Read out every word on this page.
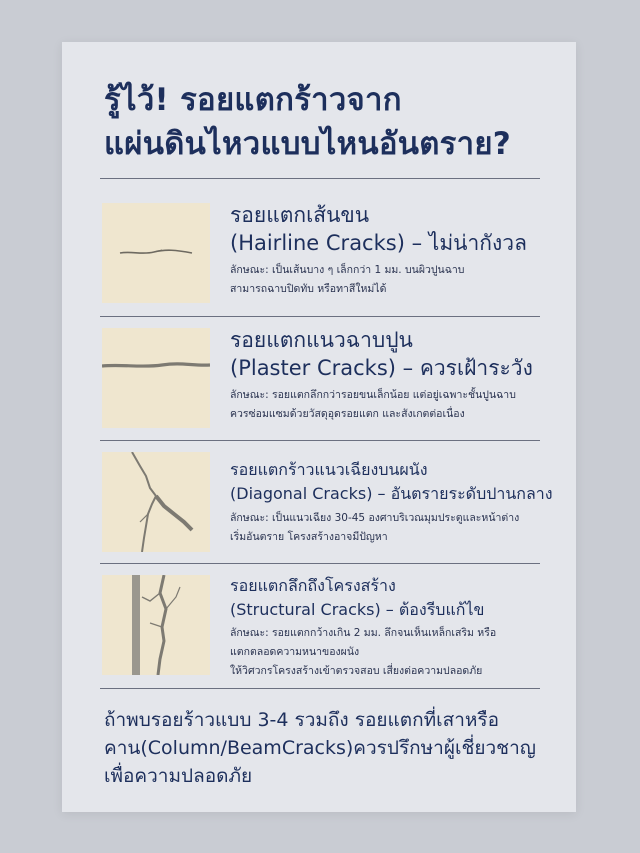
รู้ไว้! รอยแตกร้าวจาก
แผ่นดินไหวแบบไหนอันตราย?
รอยแตกเส้นขน
(Hairline Cracks) – ไม่น่ากังวล
ลักษณะ: เป็นเส้นบาง ๆ เล็กกว่า 1 มม. บนผิวปูนฉาบ
สามารถฉาบปิดทับ หรือทาสีใหม่ได้
รอยแตกแนวฉาบปูน
(Plaster Cracks) – ควรเฝ้าระวัง
ลักษณะ: รอยแตกลึกกว่ารอยขนเล็กน้อย แต่อยู่เฉพาะชั้นปูนฉาบ
ควรซ่อมแซมด้วยวัสดุอุดรอยแตก และสังเกตต่อเนื่อง
รอยแตกร้าวแนวเฉียงบนผนัง
(Diagonal Cracks) – อันตรายระดับปานกลาง
ลักษณะ: เป็นแนวเฉียง 30-45 องศาบริเวณมุมประตูและหน้าต่าง
เริ่มอันตราย โครงสร้างอาจมีปัญหา
รอยแตกลึกถึงโครงสร้าง
(Structural Cracks) – ต้องรีบแก้ไข
ลักษณะ: รอยแตกกว้างเกิน 2 มม. ลึกจนเห็นเหล็กเสริม หรือ
แตกตลอดความหนาของผนัง
ให้วิศวกรโครงสร้างเข้าตรวจสอบ เสี่ยงต่อความปลอดภัย
ถ้าพบรอยร้าวแบบ 3-4 รวมถึง รอยแตกที่เสาหรือ
คาน(Column/BeamCracks)ควรปรึกษาผู้เชี่ยวชาญ
เพื่อความปลอดภัย
